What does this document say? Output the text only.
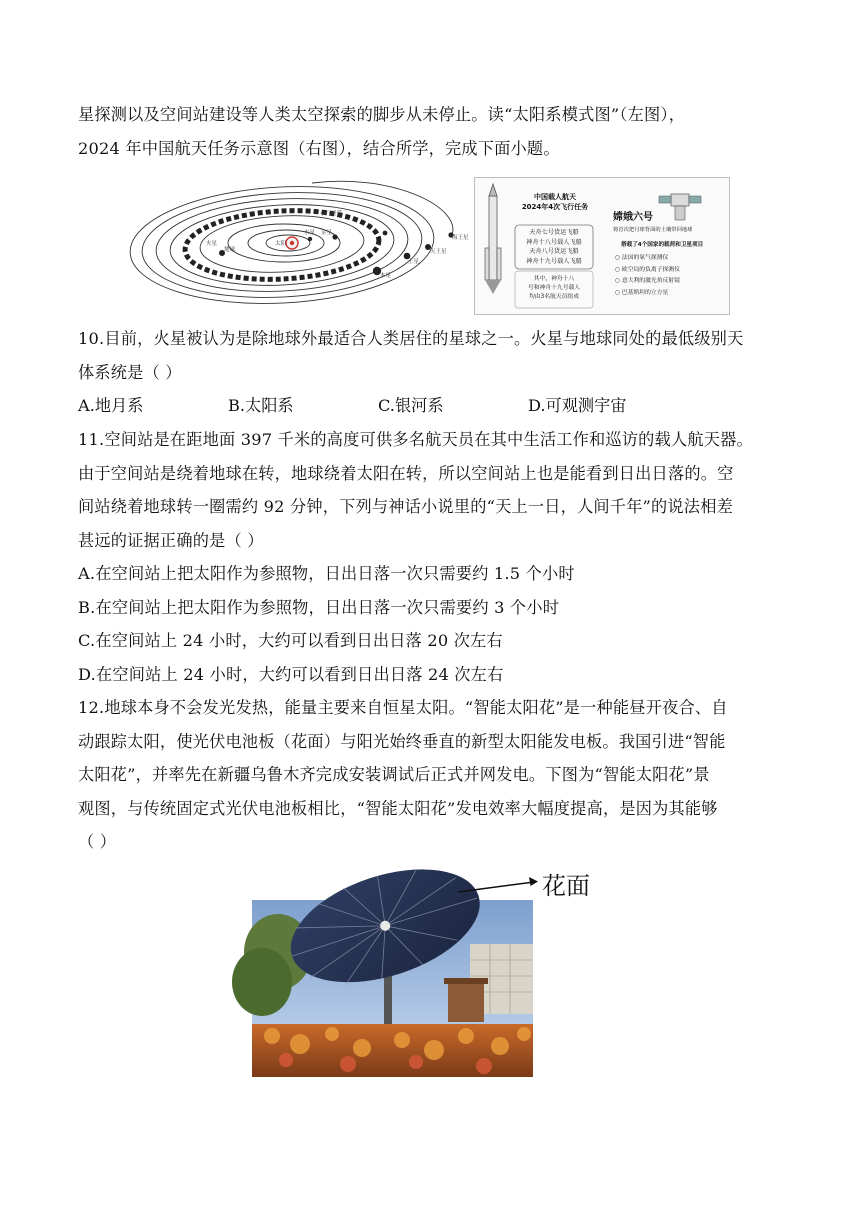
星探测以及空间站建设等人类太空探索的脚步从未停止。读“太阳系模式图”（左图），
2024 年中国航天任务示意图（右图），结合所学，完成下面小题。
太阳
水星 金星
地球
火星
小行星带
木星
土星
天王星
海王星
中国载人航天
2024年4次飞行任务
天舟七号货运飞船
神舟十八号载人飞船
天舟八号货运飞船
神舟十九号载人飞船
其中，神舟十八
号和神舟十九号载人
均由3名航天员组成
嫦娥六号
将首次把月球背面的土壤带回地球
搭载了4个国家的载荷和卫星项目
○ 法国的氡气探测仪
○ 欧空局的负离子探测仪
○ 意大利的激光角反射镜
○ 巴基斯坦的立方星
10.目前，火星被认为是除地球外最适合人类居住的星球之一。火星与地球同处的最低级别天
体系统是（ ）
A.地月系	B.太阳系	C.银河系	D.可观测宇宙
11.空间站是在距地面 397 千米的高度可供多名航天员在其中生活工作和巡访的载人航天器。
由于空间站是绕着地球在转，地球绕着太阳在转，所以空间站上也是能看到日出日落的。空
间站绕着地球转一圈需约 92 分钟，下列与神话小说里的“天上一日，人间千年”的说法相差
甚远的证据正确的是（ ）
A.在空间站上把太阳作为参照物，日出日落一次只需要约 1.5 个小时
B.在空间站上把太阳作为参照物，日出日落一次只需要约 3 个小时
C.在空间站上 24 小时，大约可以看到日出日落 20 次左右
D.在空间站上 24 小时，大约可以看到日出日落 24 次左右
12.地球本身不会发光发热，能量主要来自恒星太阳。“智能太阳花”是一种能昼开夜合、自
动跟踪太阳，使光伏电池板（花面）与阳光始终垂直的新型太阳能发电板。我国引进“智能
太阳花”，并率先在新疆乌鲁木齐完成安装调试后正式并网发电。下图为“智能太阳花”景
观图，与传统固定式光伏电池板相比，“智能太阳花”发电效率大幅度提高，是因为其能够
（ ）
花面
